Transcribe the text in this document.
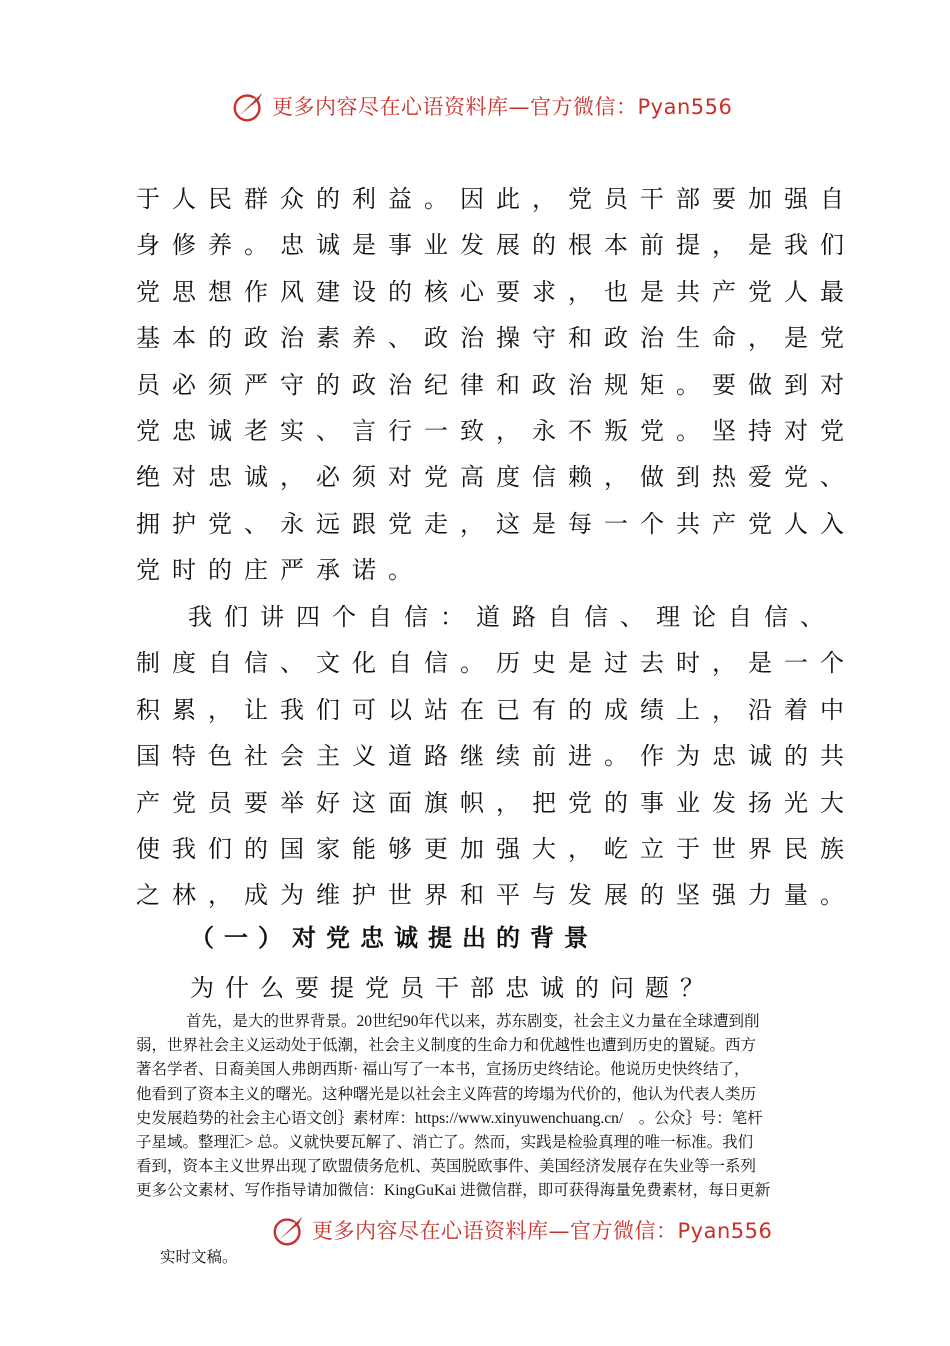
更多内容尽在心语资料库—官方微信：Pyan556
于人民群众的利益。因此，党员干部要加强自
身修养。忠诚是事业发展的根本前提，是我们
党思想作风建设的核心要求，也是共产党人最
基本的政治素养、政治操守和政治生命，是党
员必须严守的政治纪律和政治规矩。要做到对
党忠诚老实、言行一致，永不叛党。坚持对党
绝对忠诚，必须对党高度信赖，做到热爱党、
拥护党、永远跟党走，这是每一个共产党人入
党时的庄严承诺。
我们讲四个自信：道路自信、理论自信、
制度自信、文化自信。历史是过去时，是一个
积累，让我们可以站在已有的成绩上，沿着中
国特色社会主义道路继续前进。作为忠诚的共
产党员要举好这面旗帜，把党的事业发扬光大
使我们的国家能够更加强大，屹立于世界民族
之林，成为维护世界和平与发展的坚强力量。
（一）对党忠诚提出的背景
为什么要提党员干部忠诚的问题？
首先，是大的世界背景。20世纪90年代以来，苏东剧变，社会主义力量在全球遭到削
弱，世界社会主义运动处于低潮，社会主义制度的生命力和优越性也遭到历史的置疑。西方
著名学者、日裔美国人弗朗西斯· 福山写了一本书，宣扬历史终结论。他说历史快终结了，
他看到了资本主义的曙光。这种曙光是以社会主义阵营的垮塌为代价的，他认为代表人类历
史发展趋势的社会主心语文创｝素材库：https://www.xinyuwenchuang.cn/　。公众｝号：笔杆
子星域。整理汇> 总。义就快要瓦解了、消亡了。然而，实践是检验真理的唯一标准。我们
看到，资本主义世界出现了欧盟债务危机、英国脱欧事件、美国经济发展存在失业等一系列
更多公文素材、写作指导请加微信：KingGuKai 进微信群，即可获得海量免费素材，每日更新
更多内容尽在心语资料库—官方微信：Pyan556
实时文稿。
